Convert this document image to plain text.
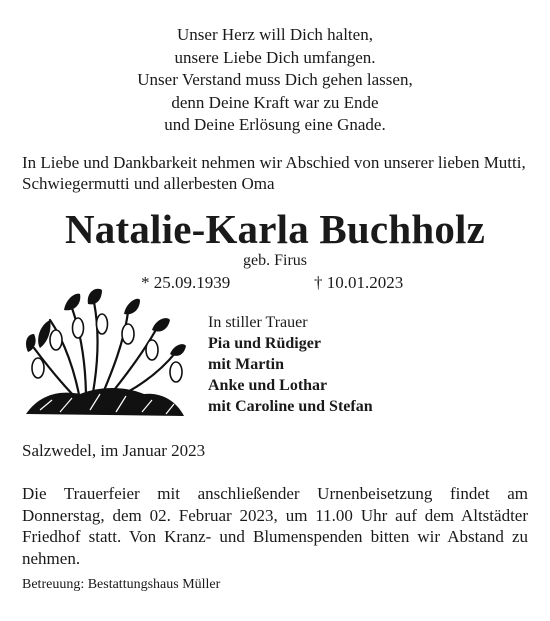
Unser Herz will Dich halten,
unsere Liebe Dich umfangen.
Unser Verstand muss Dich gehen lassen,
denn Deine Kraft war zu Ende
und Deine Erlösung eine Gnade.
In Liebe und Dankbarkeit nehmen wir Abschied von unserer lieben Mutti, Schwiegermutti und allerbesten Oma
Natalie-Karla Buchholz
geb. Firus
* 25.09.1939	† 10.01.2023
In stiller Trauer
Pia und Rüdiger
mit Martin
Anke und Lothar
mit Caroline und Stefan
Salzwedel, im Januar 2023
Die Trauerfeier mit anschließender Urnenbeisetzung findet am Donnerstag, dem 02. Februar 2023, um 11.00 Uhr auf dem Altstädter Friedhof statt. Von Kranz- und Blumenspenden bitten wir Abstand zu nehmen.
Betreuung: Bestattungshaus Müller
